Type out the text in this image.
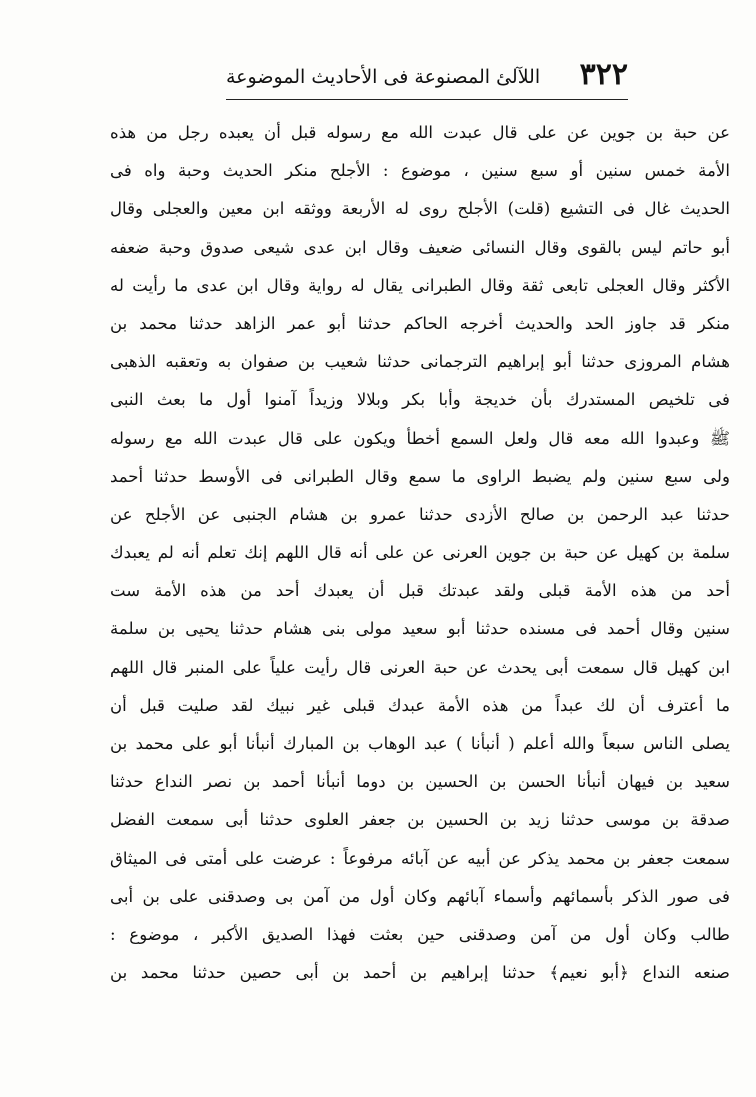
٣٢٢
اللآلئ المصنوعة فى الأحاديث الموضوعة
عن حبة بن جوين عن على قال عبدت الله مع رسوله قبل أن يعبده رجل من هذه
الأمة خمس سنين أو سبع سنين ، موضوع : الأجلح منكر الحديث وحبة واه فى
الحديث غال فى التشيع (قلت) الأجلح روى له الأربعة ووثقه ابن معين والعجلى وقال
أبو حاتم ليس بالقوى وقال النسائى ضعيف وقال ابن عدى شيعى صدوق وحبة ضعفه
الأكثر وقال العجلى تابعى ثقة وقال الطبرانى يقال له رواية وقال ابن عدى ما رأيت له
منكر قد جاوز الحد والحديث أخرجه الحاكم حدثنا أبو عمر الزاهد حدثنا محمد بن
هشام المروزى حدثنا أبو إبراهيم الترجمانى حدثنا شعيب بن صفوان به وتعقبه الذهبى
فى تلخيص المستدرك بأن خديجة وأبا بكر وبلالا وزيداً آمنوا أول ما بعث النبى
ﷺ وعبدوا الله معه قال ولعل السمع أخطأ ويكون على قال عبدت الله مع رسوله
ولى سبع سنين ولم يضبط الراوى ما سمع وقال الطبرانى فى الأوسط حدثنا أحمد
حدثنا عبد الرحمن بن صالح الأزدى حدثنا عمرو بن هشام الجنبى عن الأجلح عن
سلمة بن كهيل عن حبة بن جوين العرنى عن على أنه قال اللهم إنك تعلم أنه لم يعبدك
أحد من هذه الأمة قبلى ولقد عبدتك قبل أن يعبدك أحد من هذه الأمة ست
سنين وقال أحمد فى مسنده حدثنا أبو سعيد مولى بنى هشام حدثنا يحيى بن سلمة
ابن كهيل قال سمعت أبى يحدث عن حبة العرنى قال رأيت علياً على المنبر قال اللهم
ما أعترف أن لك عبداً من هذه الأمة عبدك قبلى غير نبيك لقد صليت قبل أن
يصلى الناس سبعاً والله أعلم ( أنبأنا ) عبد الوهاب بن المبارك أنبأنا أبو على محمد بن
سعيد بن فيهان أنبأنا الحسن بن الحسين بن دوما أنبأنا أحمد بن نصر النداع حدثنا
صدقة بن موسى حدثنا زيد بن الحسين بن جعفر العلوى حدثنا أبى سمعت الفضل
سمعت جعفر بن محمد يذكر عن أبيه عن آبائه مرفوعاً : عرضت على أمتى فى الميثاق
فى صور الذكر بأسمائهم وأسماء آبائهم وكان أول من آمن بى وصدقنى على بن أبى
طالب وكان أول من آمن وصدقنى حين بعثت فهذا الصديق الأكبر ، موضوع :
صنعه النداع ﴿أبو نعيم﴾ حدثنا إبراهيم بن أحمد بن أبى حصين حدثنا محمد بن
